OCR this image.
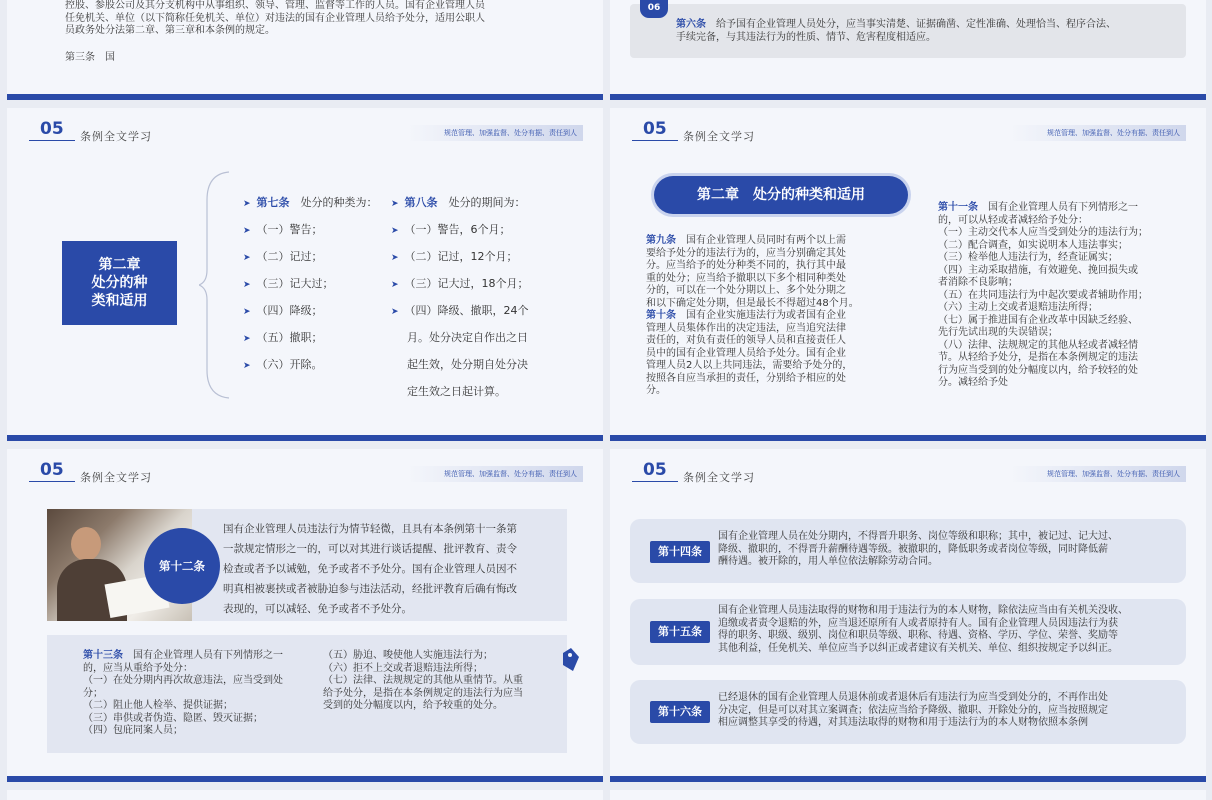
控股、参股公司及其分支机构中从事组织、领导、管理、监督等工作的人员。国有企业管理人员
任免机关、单位（以下简称任免机关、单位）对违法的国有企业管理人员给予处分，适用公职人
员政务处分法第二章、第三章和本条例的规定。
第三条　国
06
第六条　 给予国有企业管理人员处分，应当事实清楚、证据确凿、定性准确、处理恰当、程序合法、
手续完备，与其违法行为的性质、情节、危害程度相适应。
05 条例全文学习	规范管理、加强监督、处分有据、责任到人
第二章
处分的种
类和适用
➤ 第七条　 处分的种类为：
➤ （一）警告；
➤ （二）记过；
➤ （三）记大过；
➤ （四）降级；
➤ （五）撤职；
➤ （六）开除。
➤ 第八条　 处分的期间为：
➤ （一）警告，6个月；
➤ （二）记过，12个月；
➤ （三）记大过，18个月；
➤ （四）降级、撤职，24个
月。处分决定自作出之日
起生效，处分期自处分决
定生效之日起计算。
05 条例全文学习	规范管理、加强监督、处分有据、责任到人
第二章　处分的种类和适用
第九条　 国有企业管理人员同时有两个以上需
要给予处分的违法行为的，应当分别确定其处
分。应当给予的处分种类不同的，执行其中最
重的处分；应当给予撤职以下多个相同种类处
分的，可以在一个处分期以上、多个处分期之
和以下确定处分期，但是最长不得超过48个月。
第十条　 国有企业实施违法行为或者国有企业
管理人员集体作出的决定违法，应当追究法律
责任的，对负有责任的领导人员和直接责任人
员中的国有企业管理人员给予处分。国有企业
管理人员2人以上共同违法，需要给予处分的，
按照各自应当承担的责任，分别给予相应的处
分。
第十一条　 国有企业管理人员有下列情形之一
的，可以从轻或者减轻给予处分：
（一）主动交代本人应当受到处分的违法行为；
（二）配合调查，如实说明本人违法事实；
（三）检举他人违法行为，经查证属实；
（四）主动采取措施，有效避免、挽回损失或
者消除不良影响；
（五）在共同违法行为中起次要或者辅助作用；
（六）主动上交或者退赔违法所得；
（七）属于推进国有企业改革中因缺乏经验、
先行先试出现的失误错误；
（八）法律、法规规定的其他从轻或者减轻情
节。从轻给予处分，是指在本条例规定的违法
行为应当受到的处分幅度以内，给予较轻的处
分。减轻给予处
05 条例全文学习	规范管理、加强监督、处分有据、责任到人
第十二条
国有企业管理人员违法行为情节轻微，且具有本条例第十一条第
一款规定情形之一的，可以对其进行谈话提醒、批评教育、责令
检查或者予以诫勉，免予或者不予处分。国有企业管理人员因不
明真相被裹挟或者被胁迫参与违法活动，经批评教育后确有悔改
表现的，可以减轻、免予或者不予处分。
第十三条　 国有企业管理人员有下列情形之一
的，应当从重给予处分：
（一）在处分期内再次故意违法，应当受到处
分；
（二）阻止他人检举、提供证据；
（三）串供或者伪造、隐匿、毁灭证据；
（四）包庇同案人员；
（五）胁迫、唆使他人实施违法行为；
（六）拒不上交或者退赔违法所得；
（七）法律、法规规定的其他从重情节。从重
给予处分，是指在本条例规定的违法行为应当
受到的处分幅度以内，给予较重的处分。
05 条例全文学习	规范管理、加强监督、处分有据、责任到人
第十四条
国有企业管理人员在处分期内，不得晋升职务、岗位等级和职称；其中，被记过、记大过、
降级、撤职的，不得晋升薪酬待遇等级。被撤职的，降低职务或者岗位等级，同时降低薪
酬待遇。被开除的，用人单位依法解除劳动合同。
第十五条
国有企业管理人员违法取得的财物和用于违法行为的本人财物，除依法应当由有关机关没收、
追缴或者责令退赔的外，应当退还原所有人或者原持有人。国有企业管理人员因违法行为获
得的职务、职级、级别、岗位和职员等级、职称、待遇、资格、学历、学位、荣誉、奖励等
其他利益，任免机关、单位应当予以纠正或者建议有关机关、单位、组织按规定予以纠正。
第十六条
已经退休的国有企业管理人员退休前或者退休后有违法行为应当受到处分的，不再作出处
分决定，但是可以对其立案调查；依法应当给予降级、撤职、开除处分的，应当按照规定
相应调整其享受的待遇，对其违法取得的财物和用于违法行为的本人财物依照本条例
